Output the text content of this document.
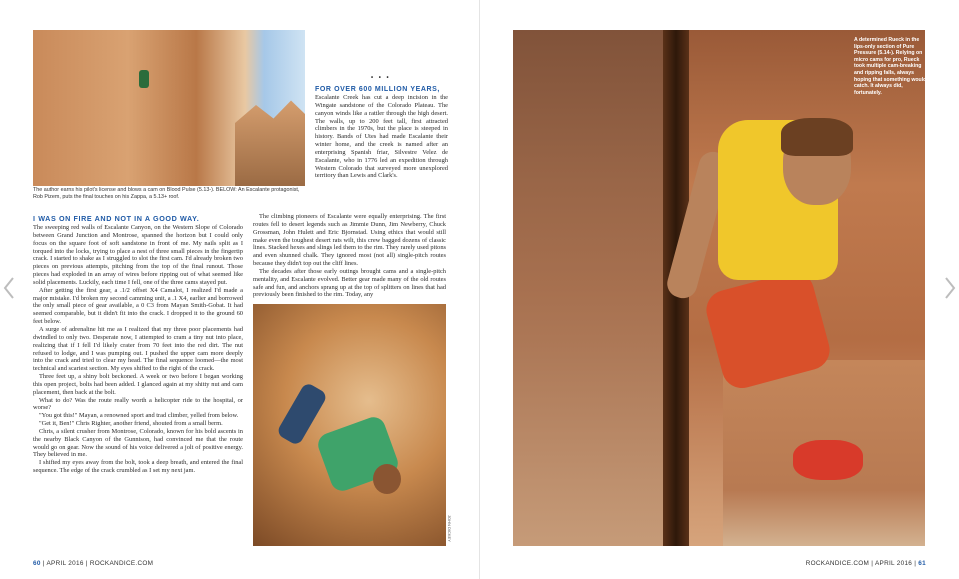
The author earns his pilot's license and blows a cam on Blood Pulse (5.13-). BELOW: An Escalante protagonist, Rob Pizem, puts the final touches on his Zappa, a 5.13+ roof.
I WAS ON FIRE AND NOT IN A GOOD WAY.

The sweeping red walls of Escalante Canyon, on the Western Slope of Colorado between Grand Junction and Montrose, spanned the horizon but I could only focus on the square foot of soft sandstone in front of me. My nails split as I torqued into the locks, trying to place a nest of three small pieces in the fingertip crack. I started to shake as I struggled to slot the first cam. I'd already broken two pieces on previous attempts, pitching from the top of the final runout. Those pieces had exploded in an array of wires before ripping out of what seemed like solid placements. Luckily, each time I fell, one of the three cams stayed put.

After getting the first gear, a .1/2 offset X4 Camalot, I realized I'd made a major mistake. I'd broken my second camming unit, a .1 X4, earlier and borrowed the only small piece of gear available, a 0 C3 from Mayan Smith-Gobat. It had seemed comparable, but it didn't fit into the crack. I dropped it to the ground 60 feet below.

A surge of adrenaline hit me as I realized that my three poor placements had dwindled to only two. Desperate now, I attempted to cram a tiny nut into place, realizing that if I fell I'd likely crater from 70 feet into the red dirt. The nut refused to lodge, and I was pumping out. I pushed the upper cam more deeply into the crack and tried to clear my head. The final sequence loomed—the most technical and scariest section. My eyes shifted to the right of the crack.

Three feet up, a shiny bolt beckoned. A week or two before I began working this open project, bolts had been added. I glanced again at my shitty nut and cam placement, then back at the bolt.

What to do? Was the route really worth a helicopter ride to the hospital, or worse?

"You got this!" Mayan, a renowned sport and trad climber, yelled from below.

"Get it, Ben!" Chris Righter, another friend, shouted from a small berm.

Chris, a silent crusher from Montrose, Colorado, known for his bold ascents in the nearby Black Canyon of the Gunnison, had convinced me that the route would go on gear. Now the sound of his voice delivered a jolt of positive energy. They believed in me.

I shifted my eyes away from the bolt, took a deep breath, and entered the final sequence. The edge of the crack crumbled as I set my next jam.

• • •
FOR OVER 600 MILLION YEARS,

Escalante Creek has cut a deep incision in the Wingate sandstone of the Colorado Plateau. The canyon winds like a rattler through the high desert. The walls, up to 200 feet tall, first attracted climbers in the 1970s, but the place is steeped in history. Bands of Utes had made Escalante their winter home, and the creek is named after an enterprising Spanish friar, Silvestre Velez de Escalante, who in 1776 led an expedition through Western Colorado that surveyed more unexplored territory than Lewis and Clark's.

The climbing pioneers of Escalante were equally enterprising. The first routes fell to desert legends such as Jimmie Dunn, Jim Newberry, Chuck Grossman, John Hulett and Eric Bjornstad. Using ethics that would still make even the toughest desert rats wilt, this crew bagged dozens of classic lines. Stacked hexes and slings led them to the rim. They rarely used pitons and even shunned chalk. They ignored most (not all) single-pitch routes because they didn't top out the cliff lines.

The decades after those early outings brought cams and a single-pitch mentality, and Escalante evolved. Better gear made many of the old routes safe and fun, and anchors sprang up at the top of splitters on lines that had previously been finished to the rim. Today, any

JOHN DICKEY
60 | APRIL 2016 | ROCKANDICE.COM
A determined Rueck in the lips-only section of Pure Pressure (5.14-). Relying on micro cams for pro, Rueck took multiple cam-breaking and ripping falls, always hoping that something would catch. It always did, fortunately.
ROCKANDICE.COM | APRIL 2016 | 61
